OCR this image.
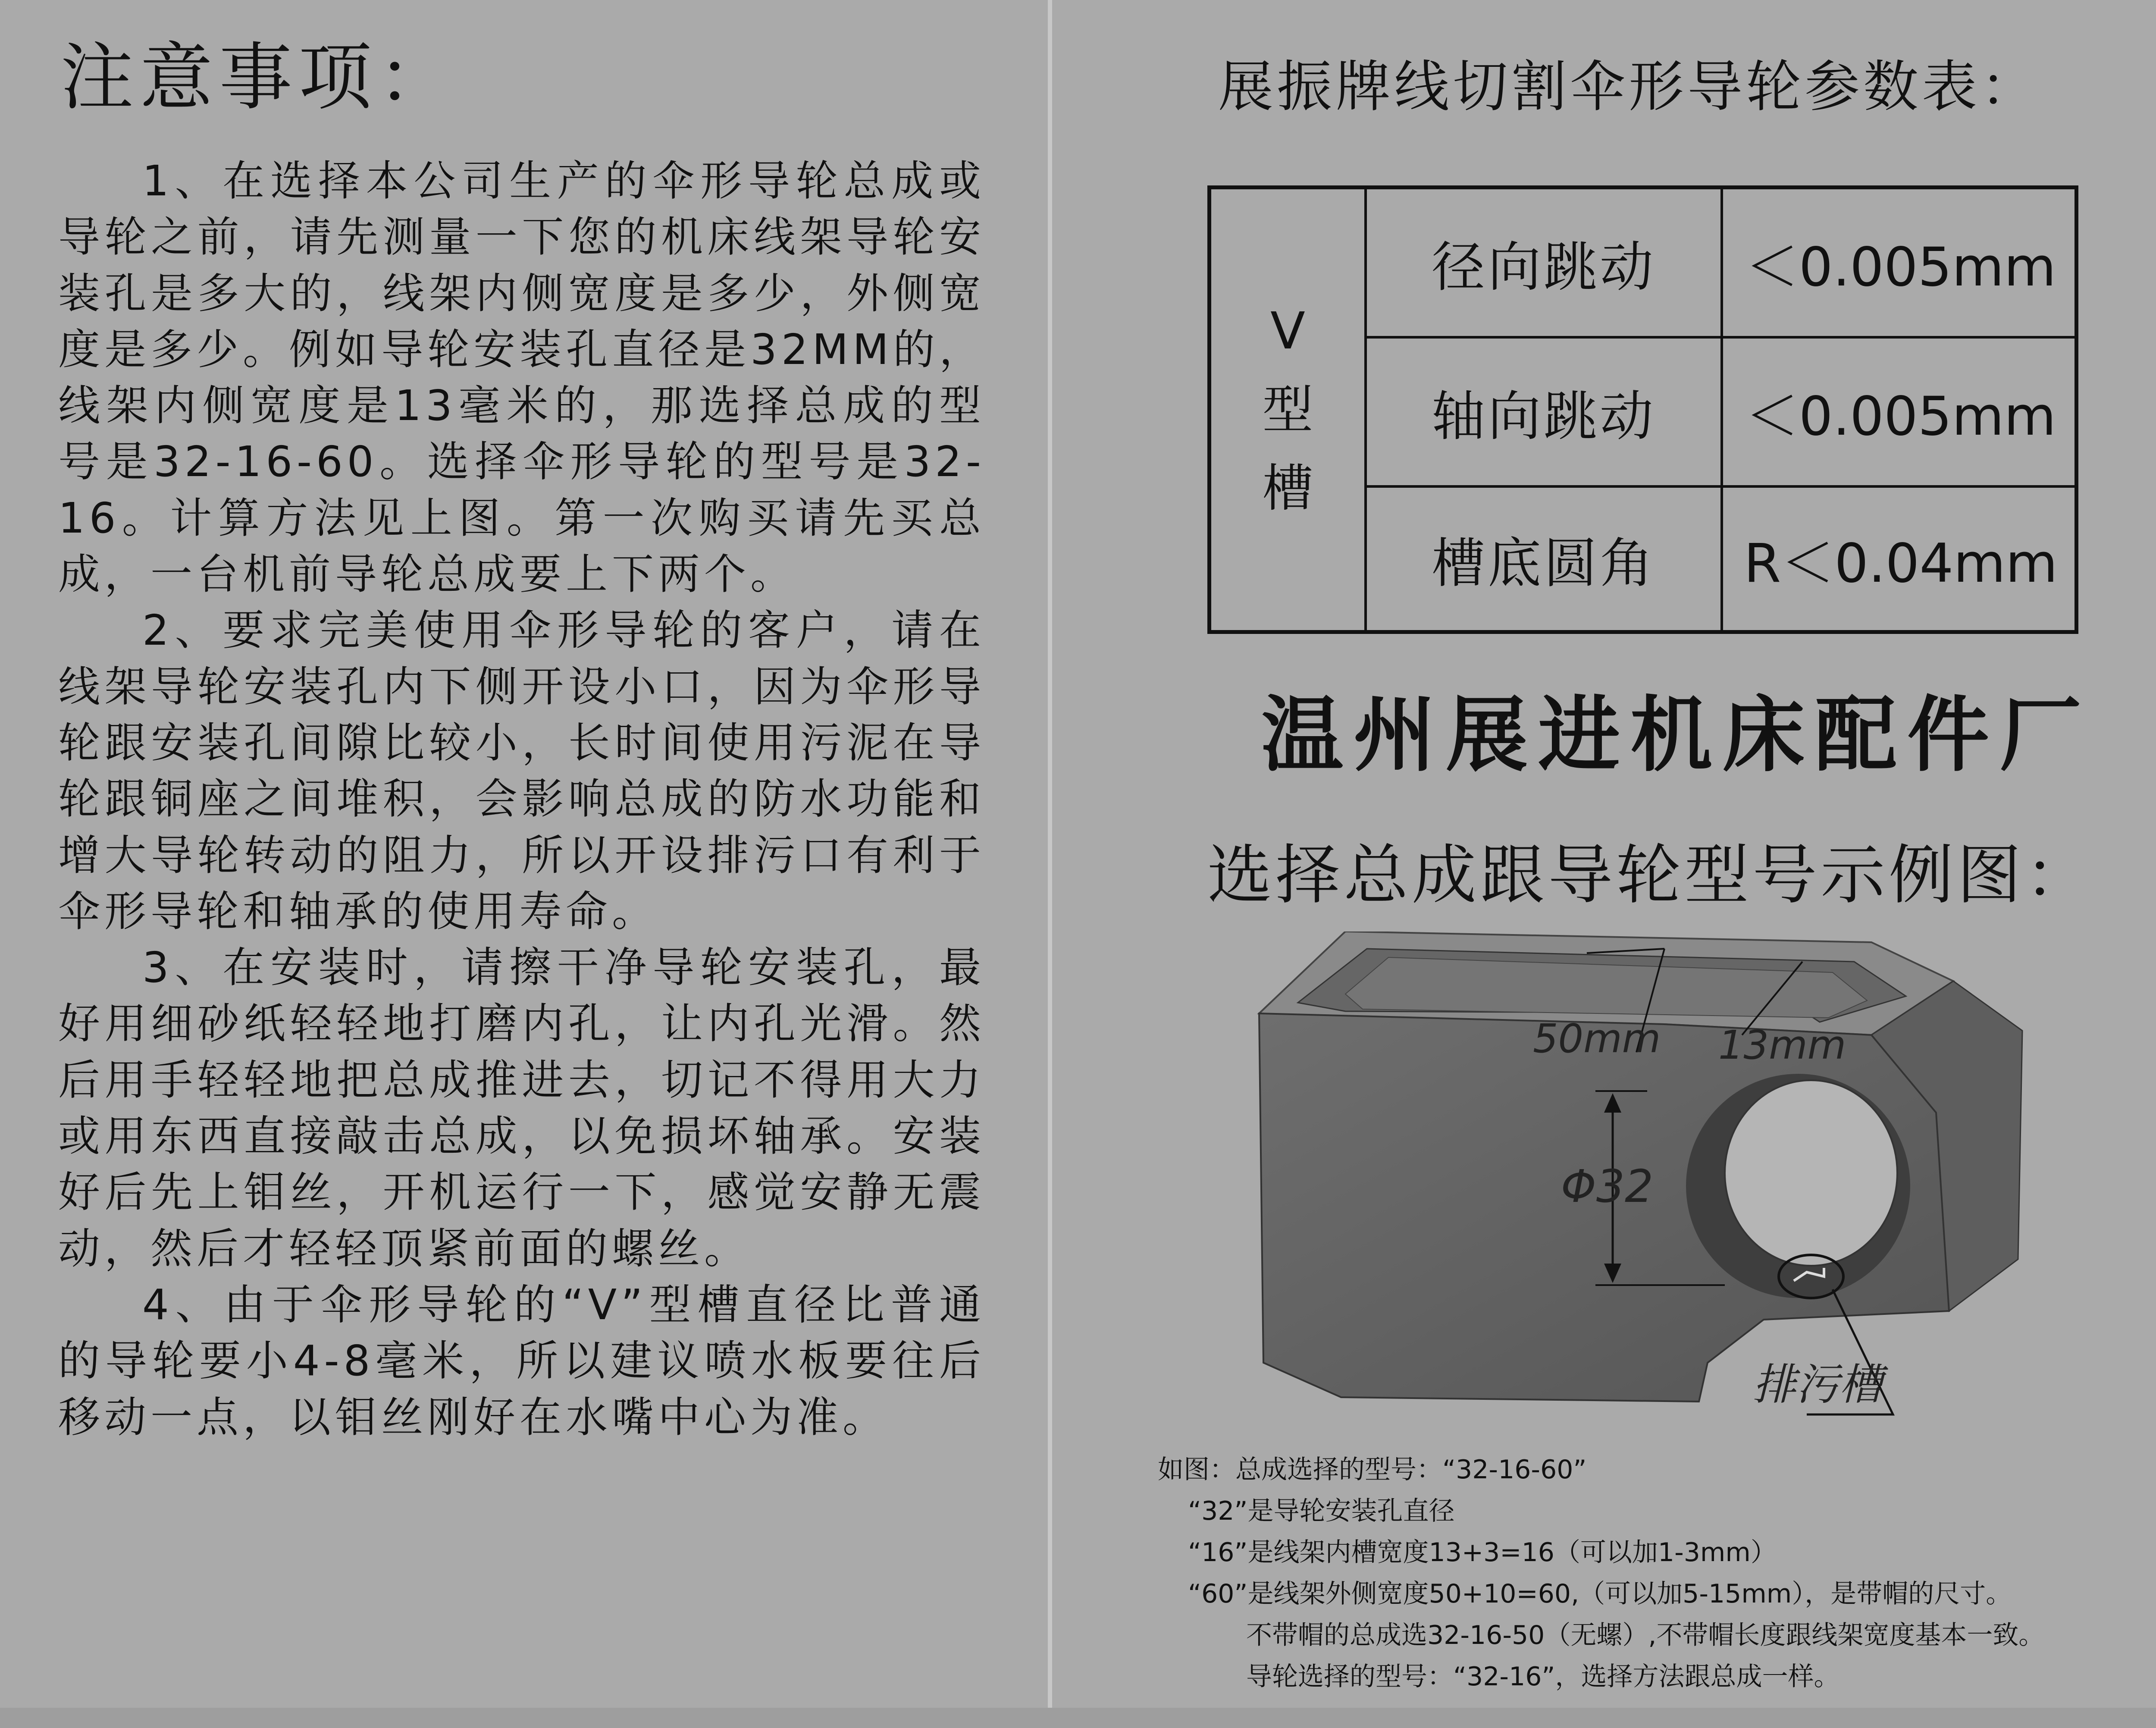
注意事项：

1、在选择本公司生产的伞形导轮总成或导轮之前，请先测量一下您的机床线架导轮安装孔是多大的，线架内侧宽度是多少，外侧宽度是多少。例如导轮安装孔直径是32MM的，线架内侧宽度是13毫米的，那选择总成的型号是32-16-60。选择伞形导轮的型号是32-16。计算方法见上图。第一次购买请先买总成，一台机前导轮总成要上下两个。

2、要求完美使用伞形导轮的客户，请在线架导轮安装孔内下侧开设小口，因为伞形导轮跟安装孔间隙比较小，长时间使用污泥在导轮跟铜座之间堆积，会影响总成的防水功能和增大导轮转动的阻力，所以开设排污口有利于伞形导轮和轴承的使用寿命。

3、在安装时，请擦干净导轮安装孔，最好用细砂纸轻轻地打磨内孔，让内孔光滑。然后用手轻轻地把总成推进去，切记不得用大力或用东西直接敲击总成，以免损坏轴承。安装好后先上钼丝，开机运行一下，感觉安静无震动，然后才轻轻顶紧前面的螺丝。

4、由于伞形导轮的“V”型槽直径比普通的导轮要小4-8毫米，所以建议喷水板要往后移动一点，以钼丝刚好在水嘴中心为准。

展振牌线切割伞形导轮参数表：
V
型
槽
径向跳动	＜0.005mm
轴向跳动	＜0.005mm
槽底圆角	R＜0.04mm
温州展进机床配件厂
选择总成跟导轮型号示例图：
50mm 13mm
Φ32
排污槽
如图：总成选择的型号：“32-16-60”
“32”是导轮安装孔直径
“16”是线架内槽宽度13+3=16（可以加1-3mm）
“60”是线架外侧宽度50+10=60,（可以加5-15mm），是带帽的尺寸。
不带帽的总成选32-16-50（无螺）,不带帽长度跟线架宽度基本一致。
导轮选择的型号：“32-16”，选择方法跟总成一样。
